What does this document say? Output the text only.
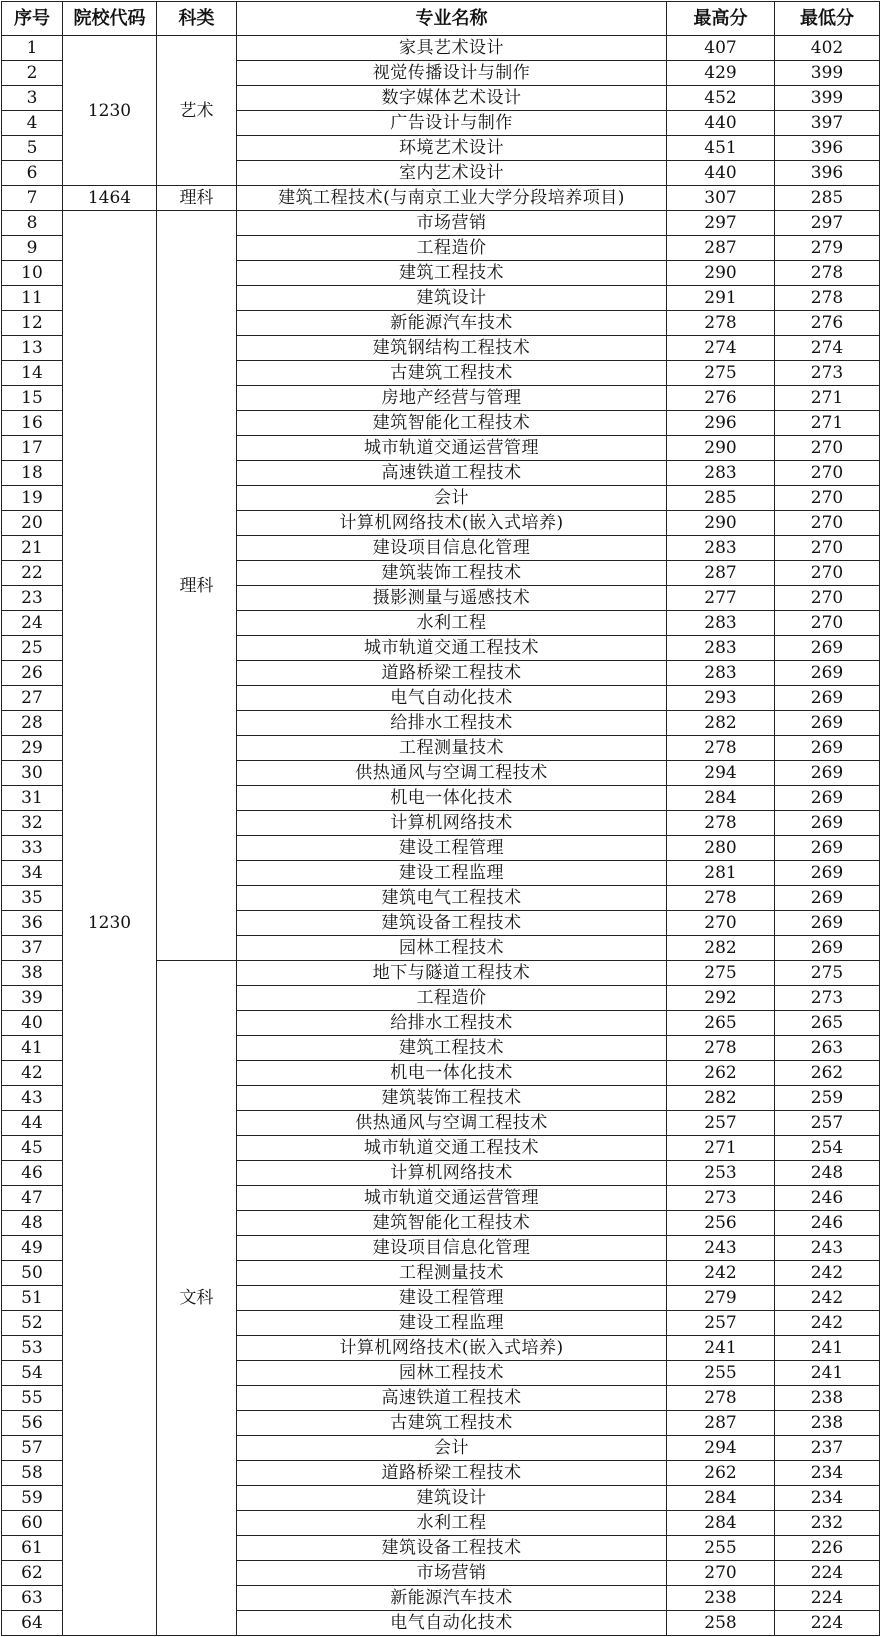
序号	院校代码	科类	专业名称	最高分	最低分
1	1230	艺术	家具艺术设计	407	402
2			视觉传播设计与制作	429	399
3			数字媒体艺术设计	452	399
4			广告设计与制作	440	397
5			环境艺术设计	451	396
6			室内艺术设计	440	396
7	1464	理科	建筑工程技术(与南京工业大学分段培养项目)	307	285
8	1230	理科	市场营销	297	297
9			工程造价	287	279
10			建筑工程技术	290	278
11			建筑设计	291	278
12			新能源汽车技术	278	276
13			建筑钢结构工程技术	274	274
14			古建筑工程技术	275	273
15			房地产经营与管理	276	271
16			建筑智能化工程技术	296	271
17			城市轨道交通运营管理	290	270
18			高速铁道工程技术	283	270
19			会计	285	270
20			计算机网络技术(嵌入式培养)	290	270
21			建设项目信息化管理	283	270
22			建筑装饰工程技术	287	270
23			摄影测量与遥感技术	277	270
24			水利工程	283	270
25			城市轨道交通工程技术	283	269
26			道路桥梁工程技术	283	269
27			电气自动化技术	293	269
28			给排水工程技术	282	269
29			工程测量技术	278	269
30			供热通风与空调工程技术	294	269
31			机电一体化技术	284	269
32			计算机网络技术	278	269
33			建设工程管理	280	269
34			建设工程监理	281	269
35			建筑电气工程技术	278	269
36			建筑设备工程技术	270	269
37			园林工程技术	282	269
38		文科	地下与隧道工程技术	275	275
39			工程造价	292	273
40			给排水工程技术	265	265
41			建筑工程技术	278	263
42			机电一体化技术	262	262
43			建筑装饰工程技术	282	259
44			供热通风与空调工程技术	257	257
45			城市轨道交通工程技术	271	254
46			计算机网络技术	253	248
47			城市轨道交通运营管理	273	246
48			建筑智能化工程技术	256	246
49			建设项目信息化管理	243	243
50			工程测量技术	242	242
51			建设工程管理	279	242
52			建设工程监理	257	242
53			计算机网络技术(嵌入式培养)	241	241
54			园林工程技术	255	241
55			高速铁道工程技术	278	238
56			古建筑工程技术	287	238
57			会计	294	237
58			道路桥梁工程技术	262	234
59			建筑设计	284	234
60			水利工程	284	232
61			建筑设备工程技术	255	226
62			市场营销	270	224
63			新能源汽车技术	238	224
64			电气自动化技术	258	224
